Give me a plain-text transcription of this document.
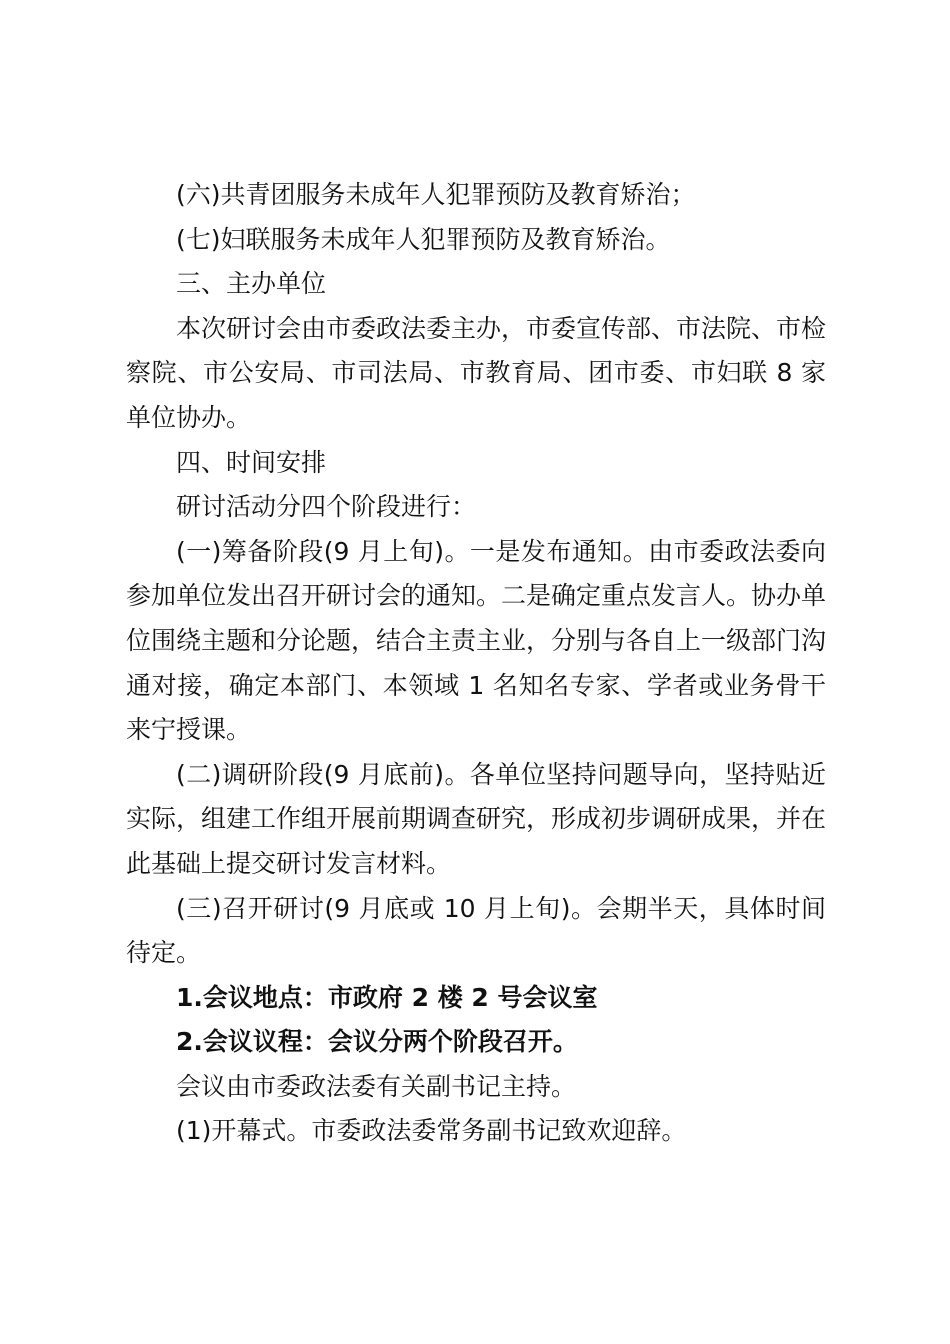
(六)共青团服务未成年人犯罪预防及教育矫治；

(七)妇联服务未成年人犯罪预防及教育矫治。

三、主办单位

本次研讨会由市委政法委主办，市委宣传部、市法院、市检察院、市公安局、市司法局、市教育局、团市委、市妇联 8 家单位协办。

四、时间安排

研讨活动分四个阶段进行：

(一)筹备阶段(9 月上旬)。一是发布通知。由市委政法委向参加单位发出召开研讨会的通知。二是确定重点发言人。协办单位围绕主题和分论题，结合主责主业，分别与各自上一级部门沟通对接，确定本部门、本领域 1 名知名专家、学者或业务骨干来宁授课。

(二)调研阶段(9 月底前)。各单位坚持问题导向，坚持贴近实际，组建工作组开展前期调查研究，形成初步调研成果，并在此基础上提交研讨发言材料。

(三)召开研讨(9 月底或 10 月上旬)。会期半天，具体时间待定。

1.会议地点：市政府 2 楼 2 号会议室

2.会议议程：会议分两个阶段召开。

会议由市委政法委有关副书记主持。

(1)开幕式。市委政法委常务副书记致欢迎辞。
